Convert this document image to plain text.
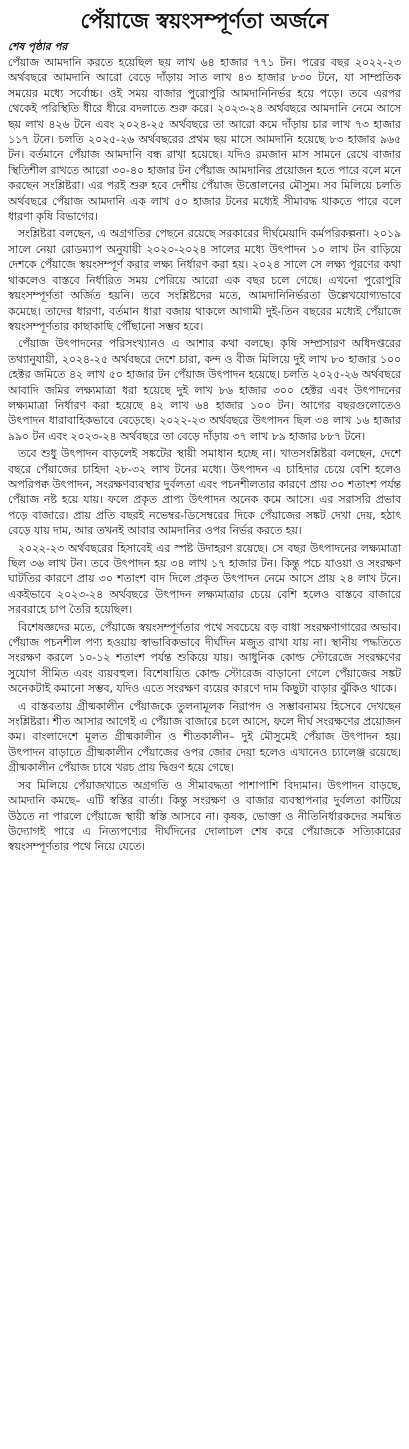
পেঁয়াজে স্বয়ংসম্পূর্ণতা অর্জনে
শেষ পৃষ্ঠার পর

পেঁয়াজ আমদানি করতে হয়েছিল ছয় লাখ ৬৪ হাজার ৭৭১ টন। পরের বছর ২০২২-২৩ অর্থবছরে আমদানি আরো বেড়ে দাঁড়ায় সাত লাখ ৪৩ হাজার ৮৩০ টনে, যা সাম্প্রতিক সময়ের মধ্যে সর্বোচ্চ। ওই সময় বাজার পুরোপুরি আমদানিনির্ভর হয়ে পড়ে। তবে এরপর থেকেই পরিস্থিতি ধীরে ধীরে বদলাতে শুরু করে। ২০২৩-২৪ অর্থবছরে আমদানি নেমে আসে ছয় লাখ ৪২৬ টনে এবং ২০২৪-২৫ অর্থবছরে তা আরো কমে দাঁড়ায় চার লাখ ৭৩ হাজার ১১৭ টনে। চলতি ২০২৫-২৬ অর্থবছরের প্রথম ছয় মাসে আমদানি হয়েছে ৮৩ হাজার ৯৬৫ টন। বর্তমানে পেঁয়াজ আমদানি বন্ধ রাখা হয়েছে। যদিও রমজান মাস সামনে রেখে বাজার স্থিতিশীল রাখতে আরো ৩০-৪০ হাজার টন পেঁয়াজ আমদানির প্রয়োজন হতে পারে বলে মনে করছেন সংশ্লিষ্টরা। এর পরই শুরু হবে দেশীয় পেঁয়াজ উত্তোলনের মৌসুম। সব মিলিয়ে চলতি অর্থবছরে পেঁয়াজ আমদানি এক লাখ ৫০ হাজার টনের মধ্যেই সীমাবদ্ধ থাকতে পারে বলে ধারণা কৃষি বিভাগের।

সংশ্লিষ্টরা বলছেন, এ অগ্রগতির পেছনে রয়েছে সরকারের দীর্ঘমেয়াদি কর্মপরিকল্পনা। ২০১৯ সালে নেয়া রোডম্যাপ অনুযায়ী ২০২০-২০২৪ সালের মধ্যে উৎপাদন ১০ লাখ টন বাড়িয়ে দেশকে পেঁয়াজে স্বয়ংসম্পূর্ণ করার লক্ষ্য নির্ধারণ করা হয়। ২০২৪ সালে সে লক্ষ্য পূরণের কথা থাকলেও বাস্তবে নির্ধারিত সময় পেরিয়ে আরো এক বছর চলে গেছে। এখনো পুরোপুরি স্বয়ংসম্পূর্ণতা অর্জিত হয়নি। তবে সংশ্লিষ্টদের মতে, আমদানিনির্ভরতা উল্লেখযোগ্যভাবে কমেছে। তাদের ধারণা, বর্তমান ধারা বজায় থাকলে আগামী দুই-তিন বছরের মধ্যেই পেঁয়াজে স্বয়ংসম্পূর্ণতার কাছাকাছি পৌঁছানো সম্ভব হবে।

পেঁয়াজ উৎপাদনের পরিসংখ্যানও এ আশার কথা বলছে। কৃষি সম্প্রসারণ অধিদপ্তরের তথ্যানুযায়ী, ২০২৪-২৫ অর্থবছরে দেশে চারা, কন্দ ও বীজ মিলিয়ে দুই লাখ ৮০ হাজার ১০০ হেক্টর জমিতে ৪২ লাখ ৫০ হাজার টন পেঁয়াজ উৎপাদন হয়েছে। চলতি ২০২৫-২৬ অর্থবছরে আবাদি জমির লক্ষ্যমাত্রা ধরা হয়েছে দুই লাখ ৮৬ হাজার ৩০০ হেক্টর এবং উৎপাদনের লক্ষ্যমাত্রা নির্ধারণ করা হয়েছে ৪২ লাখ ৬৪ হাজার ১০০ টন। আগের বছরগুলোতেও উৎপাদন ধারাবাহিকভাবে বেড়েছে। ২০২২-২৩ অর্থবছরে উৎপাদন ছিল ৩৪ লাখ ১৬ হাজার ৯৯০ টন এবং ২০২৩-২৪ অর্থবছরে তা বেড়ে দাঁড়ায় ৩৭ লাখ ৮৯ হাজার ৮৮৭ টনে।

তবে শুধু উৎপাদন বাড়লেই সঙ্কটের স্থায়ী সমাধান হচ্ছে না। খাতসংশ্লিষ্টরা বলছেন, দেশে বছরে পেঁয়াজের চাহিদা ২৮-৩২ লাখ টনের মধ্যে। উৎপাদন এ চাহিদার চেয়ে বেশি হলেও অপরিপক্ব উৎপাদন, সংরক্ষণব্যবস্থার দুর্বলতা এবং পচনশীলতার কারণে প্রায় ৩০ শতাংশ পর্যন্ত পেঁয়াজ নষ্ট হয়ে যায়। ফলে প্রকৃত প্রাপ্য উৎপাদন অনেক কমে আসে। এর সরাসরি প্রভাব পড়ে বাজারে। প্রায় প্রতি বছরই নভেম্বর-ডিসেম্বরের দিকে পেঁয়াজের সঙ্কট দেখা দেয়, হঠাৎ বেড়ে যায় দাম, আর তখনই আবার আমদানির ওপর নির্ভর করতে হয়।

২০২২-২৩ অর্থবছরের হিসাবেই এর স্পষ্ট উদাহরণ রয়েছে। সে বছর উৎপাদনের লক্ষ্যমাত্রা ছিল ৩৬ লাখ টন। তবে উৎপাদন হয় ৩৪ লাখ ১৭ হাজার টন। কিন্তু পচে যাওয়া ও সংরক্ষণ ঘাটতির কারণে প্রায় ৩০ শতাংশ বাদ দিলে প্রকৃত উৎপাদন নেমে আসে প্রায় ২৪ লাখ টনে। একইভাবে ২০২৩-২৪ অর্থবছরে উৎপাদন লক্ষ্যমাত্রার চেয়ে বেশি হলেও বাস্তবে বাজারে সরবরাহে চাপ তৈরি হয়েছিল।

বিশেষজ্ঞদের মতে, পেঁয়াজে স্বয়ংসম্পূর্ণতার পথে সবচেয়ে বড় বাধা সংরক্ষণাগারের অভাব। পেঁয়াজ পচনশীল পণ্য হওয়ায় স্বাভাবিকভাবে দীর্ঘদিন মজুত রাখা যায় না। স্থানীয় পদ্ধতিতে সংরক্ষণ করলে ১০-১২ শতাংশ পর্যন্ত শুকিয়ে যায়। আধুনিক কোল্ড স্টোরেজে সংরক্ষণের সুযোগ সীমিত এবং ব্যয়বহুল। বিশেষায়িত কোল্ড স্টোরেজ বাড়ানো গেলে পেঁয়াজের সঙ্কট অনেকটাই কমানো সম্ভব, যদিও এতে সংরক্ষণ ব্যয়ের কারণে দাম কিছুটা বাড়ার ঝুঁকিও থাকে।

এ বাস্তবতায় গ্রীষ্মকালীন পেঁয়াজকে তুলনামূলক নিরাপদ ও সম্ভাবনাময় হিসেবে দেখছেন সংশ্লিষ্টরা। শীত আসার আগেই এ পেঁয়াজ বাজারে চলে আসে, ফলে দীর্ঘ সংরক্ষণের প্রয়োজন কম। বাংলাদেশে মূলত গ্রীষ্মকালীন ও শীতকালীন– দুই মৌসুমেই পেঁয়াজ উৎপাদন হয়। উৎপাদন বাড়াতে গ্রীষ্মকালীন পেঁয়াজের ওপর জোর দেয়া হলেও এখানেও চ্যালেঞ্জ রয়েছে। গ্রীষ্মকালীন পেঁয়াজ চাষে খরচ প্রায় দ্বিগুণ হয়ে গেছে।

সব মিলিয়ে পেঁয়াজখাতে অগ্রগতি ও সীমাবদ্ধতা পাশাপাশি বিদ্যমান। উৎপাদন বাড়ছে, আমদানি কমছে– এটি স্বস্তির বার্তা। কিন্তু সংরক্ষণ ও বাজার ব্যবস্থাপনার দুর্বলতা কাটিয়ে উঠতে না পারলে পেঁয়াজে স্থায়ী স্বস্তি আসবে না। কৃষক, ভোক্তা ও নীতিনির্ধারকদের সমন্বিত উদ্যোগই পারে এ নিত্যপণ্যের দীর্ঘদিনের দোলাচল শেষ করে পেঁয়াজকে সত্যিকারের স্বয়ংসম্পূর্ণতার পথে নিয়ে যেতে।
